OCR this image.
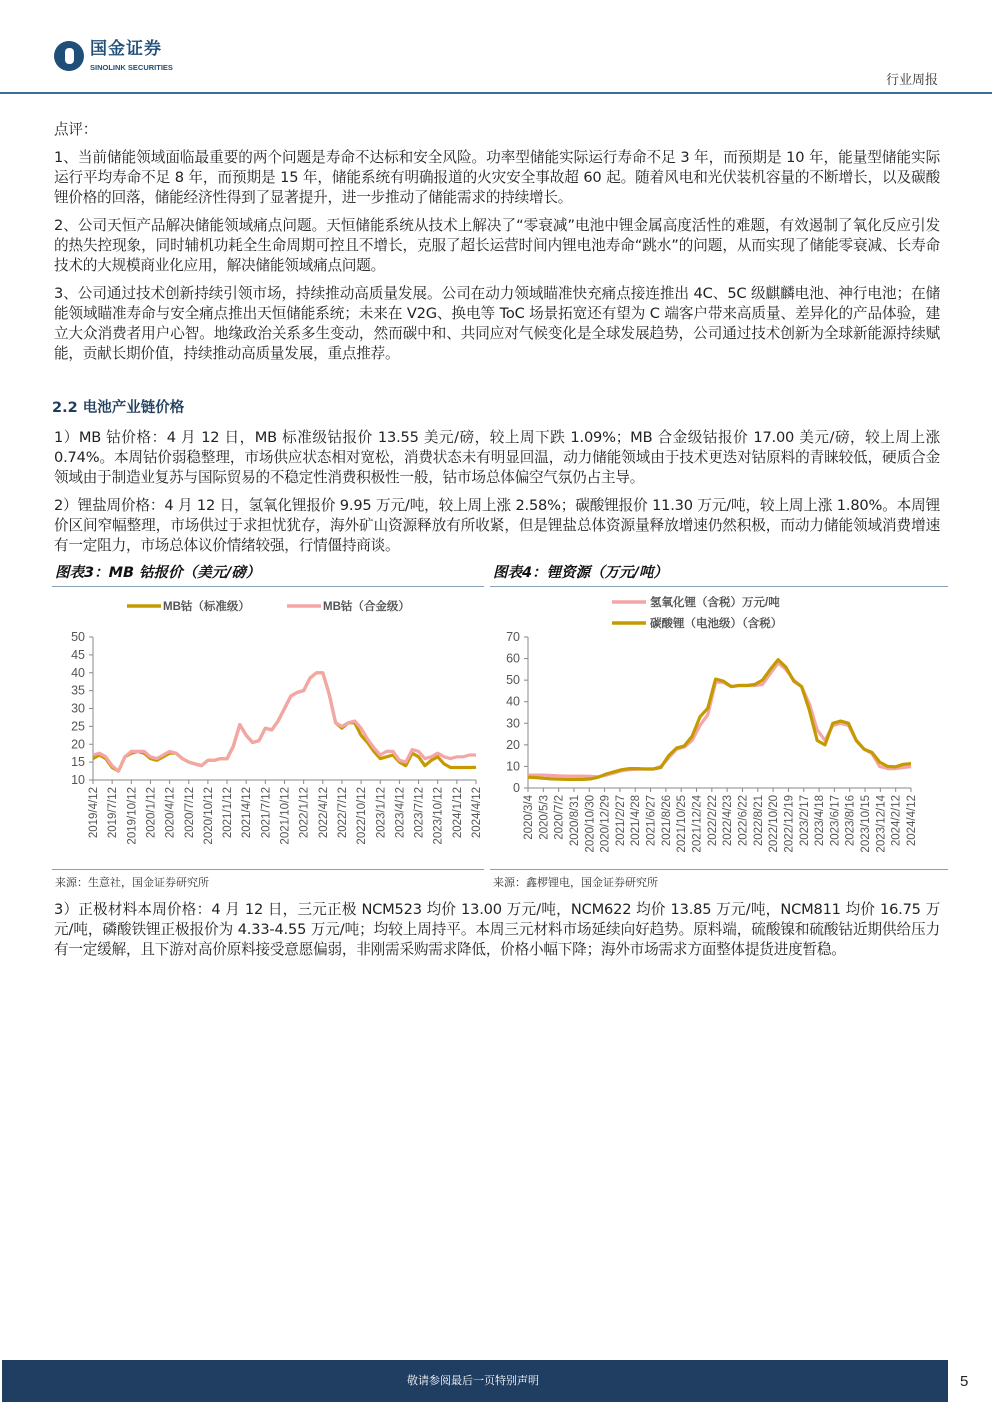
国金证券
SINOLINK SECURITIES
行业周报

点评：

1、当前储能领域面临最重要的两个问题是寿命不达标和安全风险。功率型储能实际运行寿命不足 3 年，而预期是 10 年，能量型储能实际运行平均寿命不足 8 年，而预期是 15 年，储能系统有明确报道的火灾安全事故超 60 起。随着风电和光伏装机容量的不断增长，以及碳酸锂价格的回落，储能经济性得到了显著提升，进一步推动了储能需求的持续增长。

2、公司天恒产品解决储能领域痛点问题。天恒储能系统从技术上解决了“零衰减”电池中锂金属高度活性的难题，有效遏制了氧化反应引发的热失控现象，同时辅机功耗全生命周期可控且不增长，克服了超长运营时间内锂电池寿命“跳水”的问题，从而实现了储能零衰减、长寿命技术的大规模商业化应用，解决储能领域痛点问题。

3、公司通过技术创新持续引领市场，持续推动高质量发展。公司在动力领域瞄准快充痛点接连推出 4C、5C 级麒麟电池、神行电池；在储能领域瞄准寿命与安全痛点推出天恒储能系统；未来在 V2G、换电等 ToC 场景拓宽还有望为 C 端客户带来高质量、差异化的产品体验，建立大众消费者用户心智。地缘政治关系多生变动，然而碳中和、共同应对气候变化是全球发展趋势，公司通过技术创新为全球新能源持续赋能，贡献长期价值，持续推动高质量发展，重点推荐。

2.2 电池产业链价格

1）MB 钴价格：4 月 12 日，MB 标准级钴报价 13.55 美元/磅，较上周下跌 1.09%；MB 合金级钴报价 17.00 美元/磅，较上周上涨 0.74%。本周钴价弱稳整理，市场供应状态相对宽松，消费状态未有明显回温，动力储能领域由于技术更迭对钴原料的青睐较低，硬质合金领域由于制造业复苏与国际贸易的不稳定性消费积极性一般，钴市场总体偏空气氛仍占主导。

2）锂盐周价格：4 月 12 日，氢氧化锂报价 9.95 万元/吨，较上周上涨 2.58%；碳酸锂报价 11.30 万元/吨，较上周上涨 1.80%。本周锂价区间窄幅整理，市场供过于求担忧犹存，海外矿山资源释放有所收紧，但是锂盐总体资源量释放增速仍然积极，而动力储能领域消费增速有一定阻力，市场总体议价情绪较强，行情僵持商谈。

图表3：MB 钴报价（美元/磅）
10
15
20
25
30
35
40
45
50
2019/4/12 2019/7/12 2019/10/12 2020/1/12 2020/4/12 2020/7/12 2020/10/12 2021/1/12 2021/4/12 2021/7/12 2021/10/12 2022/1/12 2022/4/12 2022/7/12 2022/10/12 2023/1/12 2023/4/12 2023/7/12 2023/10/12 2024/1/12 2024/4/12
MB钴（标准级）	MB钴（合金级）
来源：生意社，国金证券研究所
图表4：锂资源（万元/吨）
0
10
20
30
40
50
60
70
2020/3/4 2020/5/3 2020/7/2 2020/8/31 2020/10/30 2020/12/29 2021/2/27 2021/4/28 2021/6/27 2021/8/26 2021/10/25 2021/12/24 2022/2/22 2022/4/23 2022/6/22 2022/8/21 2022/10/20 2022/12/19 2023/2/17 2023/4/18 2023/6/17 2023/8/16 2023/10/15 2023/12/14 2024/2/12 2024/4/12
氢氧化锂（含税）万元/吨
碳酸锂（电池级）（含税）
来源：鑫椤锂电，国金证券研究所

3）正极材料本周价格：4 月 12 日，三元正极 NCM523 均价 13.00 万元/吨，NCM622 均价 13.85 万元/吨，NCM811 均价 16.75 万元/吨，磷酸铁锂正极报价为 4.33-4.55 万元/吨；均较上周持平。本周三元材料市场延续向好趋势。原料端，硫酸镍和硫酸钴近期供给压力有一定缓解，且下游对高价原料接受意愿偏弱，非刚需采购需求降低，价格小幅下降；海外市场需求方面整体提货进度暂稳。

敬请参阅最后一页特别声明	5
